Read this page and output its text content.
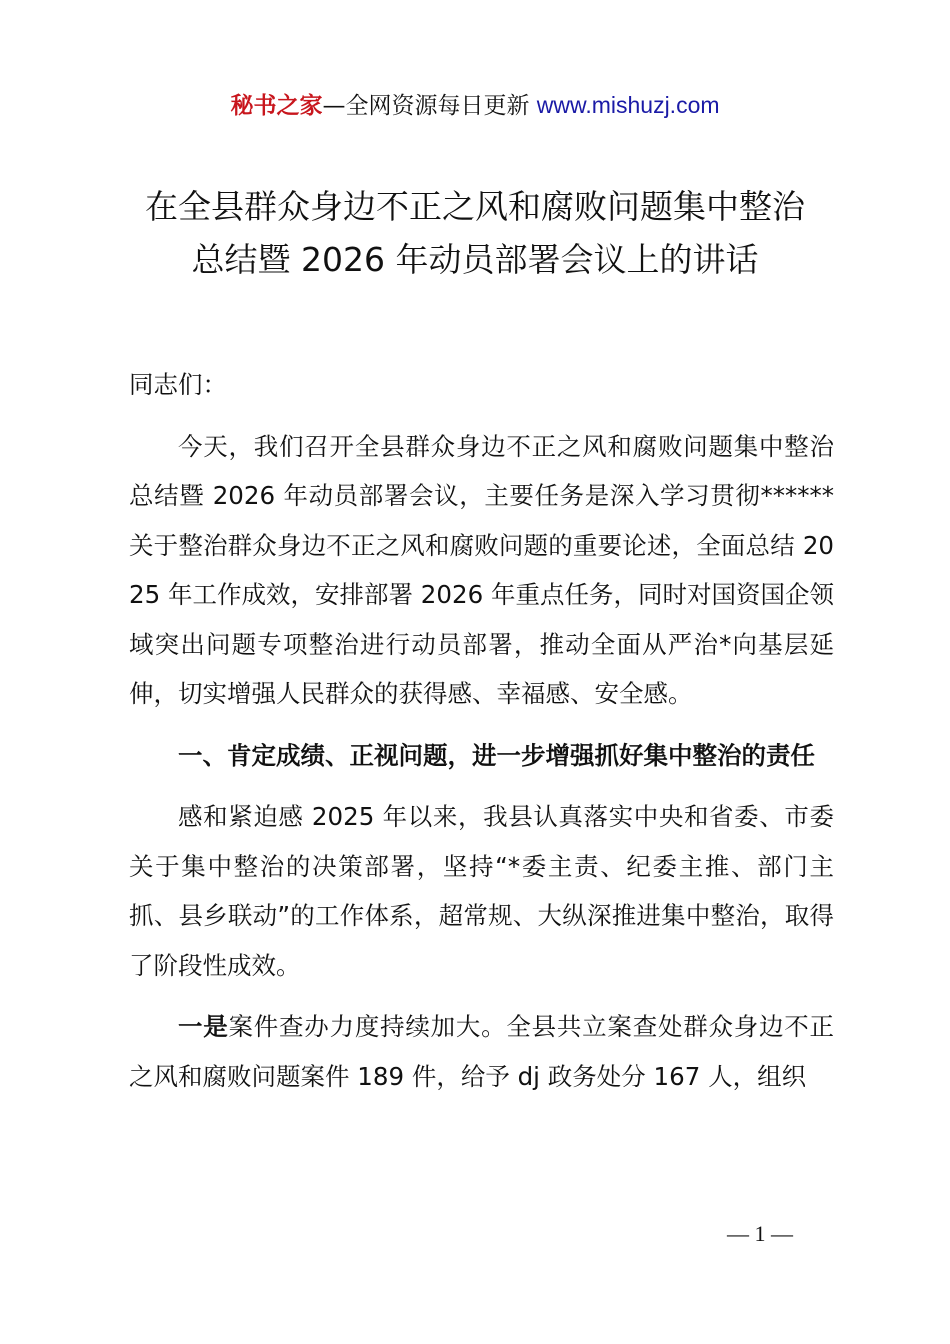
秘书之家—全网资源每日更新 www.mishuzj.com
在全县群众身边不正之风和腐败问题集中整治
总结暨 2026 年动员部署会议上的讲话

同志们：

今天，我们召开全县群众身边不正之风和腐败问题集中整治总结暨 2026 年动员部署会议，主要任务是深入学习贯彻******关于整治群众身边不正之风和腐败问题的重要论述，全面总结 2025 年工作成效，安排部署 2026 年重点任务，同时对国资国企领域突出问题专项整治进行动员部署，推动全面从严治*向基层延伸，切实增强人民群众的获得感、幸福感、安全感。

一、肯定成绩、正视问题，进一步增强抓好集中整治的责任

感和紧迫感 2025 年以来，我县认真落实中央和省委、市委关于集中整治的决策部署，坚持“*委主责、纪委主推、部门主抓、县乡联动”的工作体系，超常规、大纵深推进集中整治，取得了阶段性成效。

一是案件查办力度持续加大。全县共立案查处群众身边不正之风和腐败问题案件 189 件，给予 dj 政务处分 167 人，组织

— 1 —
